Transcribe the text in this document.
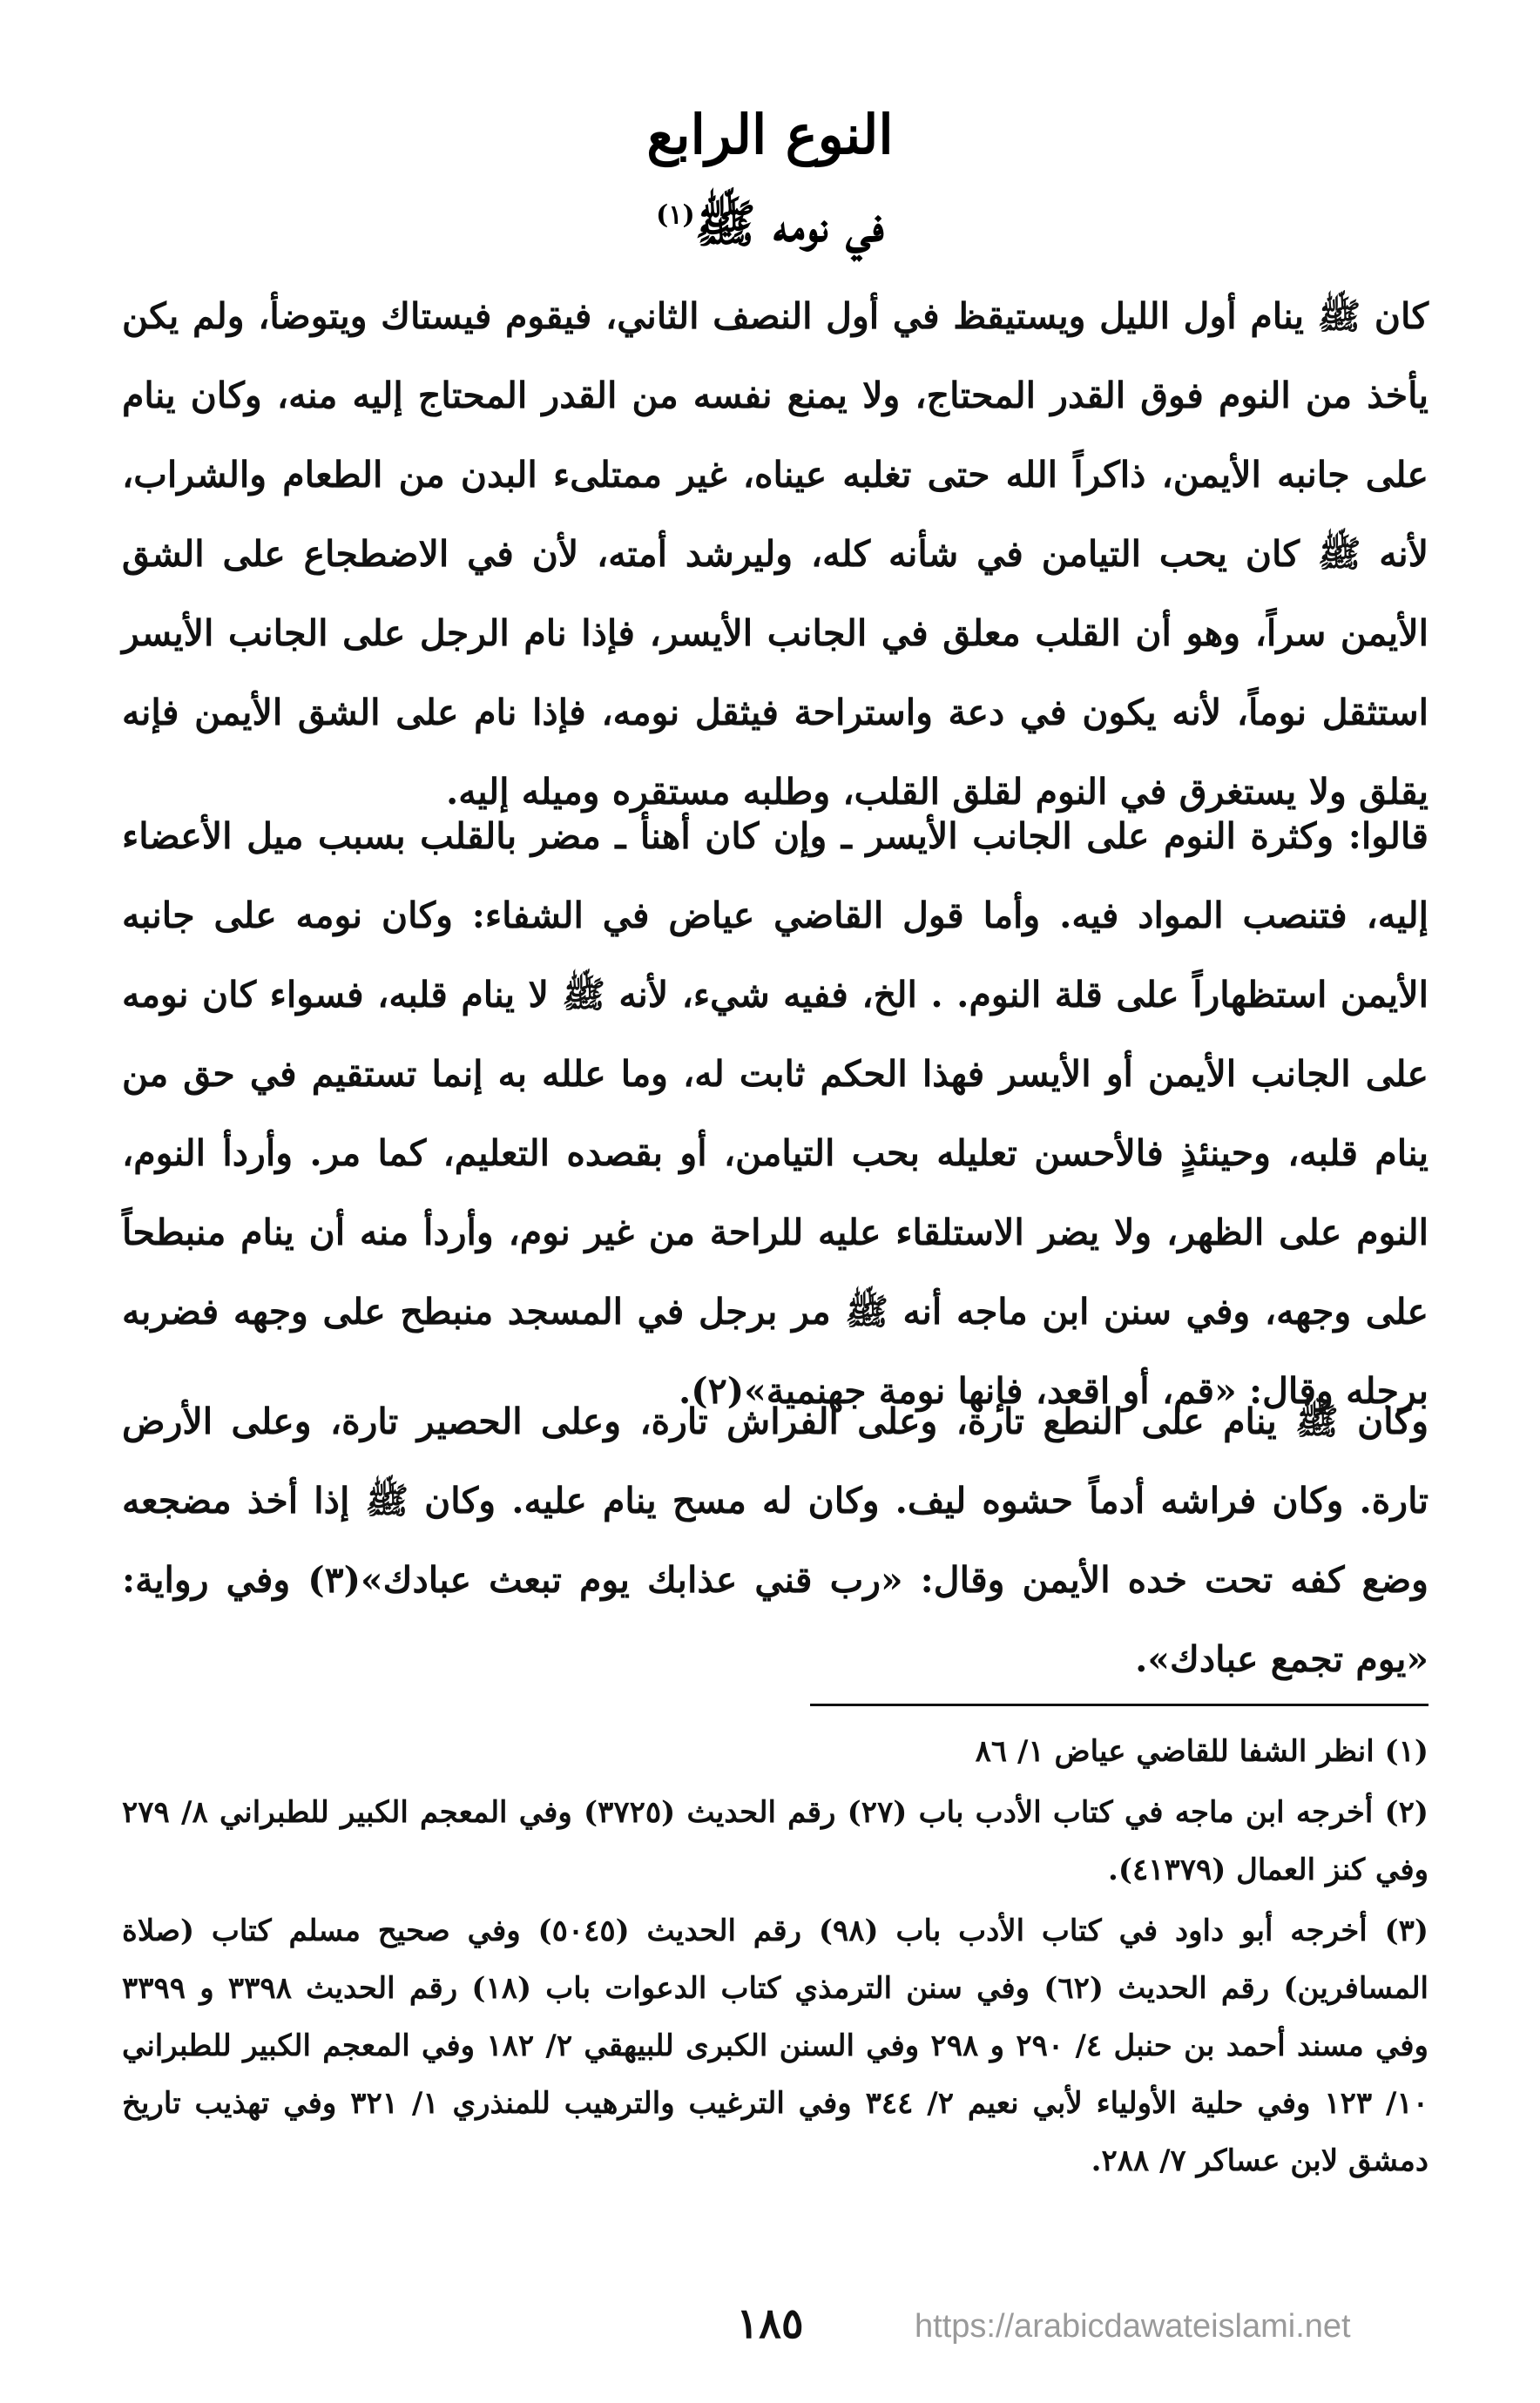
النوع الرابع
في نومه ﷺ$^{(١)}$

كان ﷺ ينام أول الليل ويستيقظ في أول النصف الثاني، فيقوم فيستاك ويتوضأ، ولم يكن يأخذ من النوم فوق القدر المحتاج، ولا يمنع نفسه من القدر المحتاج إليه منه، وكان ينام على جانبه الأيمن، ذاكراً الله حتى تغلبه عيناه، غير ممتلىء البدن من الطعام والشراب، لأنه ﷺ كان يحب التيامن في شأنه كله، وليرشد أمته، لأن في الاضطجاع على الشق الأيمن سراً، وهو أن القلب معلق في الجانب الأيسر، فإذا نام الرجل على الجانب الأيسر استثقل نوماً، لأنه يكون في دعة واستراحة فيثقل نومه، فإذا نام على الشق الأيمن فإنه يقلق ولا يستغرق في النوم لقلق القلب، وطلبه مستقره وميله إليه.

قالوا: وكثرة النوم على الجانب الأيسر ـ وإن كان أهنأ ـ مضر بالقلب بسبب ميل الأعضاء إليه، فتنصب المواد فيه. وأما قول القاضي عياض في الشفاء: وكان نومه على جانبه الأيمن استظهاراً على قلة النوم. . الخ، ففيه شيء، لأنه ﷺ لا ينام قلبه، فسواء كان نومه على الجانب الأيمن أو الأيسر فهذا الحكم ثابت له، وما علله به إنما تستقيم في حق من ينام قلبه، وحينئذٍ فالأحسن تعليله بحب التيامن، أو بقصده التعليم، كما مر. وأردأ النوم، النوم على الظهر، ولا يضر الاستلقاء عليه للراحة من غير نوم، وأردأ منه أن ينام منبطحاً على وجهه، وفي سنن ابن ماجه أنه ﷺ مر برجل في المسجد منبطح على وجهه فضربه برجله وقال: «قم، أو اقعد، فإنها نومة جهنمية»(٢).

وكان ﷺ ينام على النطع تارة، وعلى الفراش تارة، وعلى الحصير تارة، وعلى الأرض تارة. وكان فراشه أدماً حشوه ليف. وكان له مسح ينام عليه. وكان ﷺ إذا أخذ مضجعه وضع كفه تحت خده الأيمن وقال: «رب قني عذابك يوم تبعث عبادك»(٣) وفي رواية: «يوم تجمع عبادك».

(١) انظر الشفا للقاضي عياض ١/ ٨٦

(٢) أخرجه ابن ماجه في كتاب الأدب باب (٢٧) رقم الحديث (٣٧٢٥) وفي المعجم الكبير للطبراني ٨/ ٢٧٩ وفي كنز العمال (٤١٣٧٩).

(٣) أخرجه أبو داود في كتاب الأدب باب (٩٨) رقم الحديث (٥٠٤٥) وفي صحيح مسلم كتاب (صلاة المسافرين) رقم الحديث (٦٢) وفي سنن الترمذي كتاب الدعوات باب (١٨) رقم الحديث ٣٣٩٨ و ٣٣٩٩ وفي مسند أحمد بن حنبل ٤/ ٢٩٠ و ٢٩٨ وفي السنن الكبرى للبيهقي ٢/ ١٨٢ وفي المعجم الكبير للطبراني ١٠/ ١٢٣ وفي حلية الأولياء لأبي نعيم ٢/ ٣٤٤ وفي الترغيب والترهيب للمنذري ١/ ٣٢١ وفي تهذيب تاريخ دمشق لابن عساكر ٧/ ٢٨٨.

١٨٥	https://arabicdawateislami.net
